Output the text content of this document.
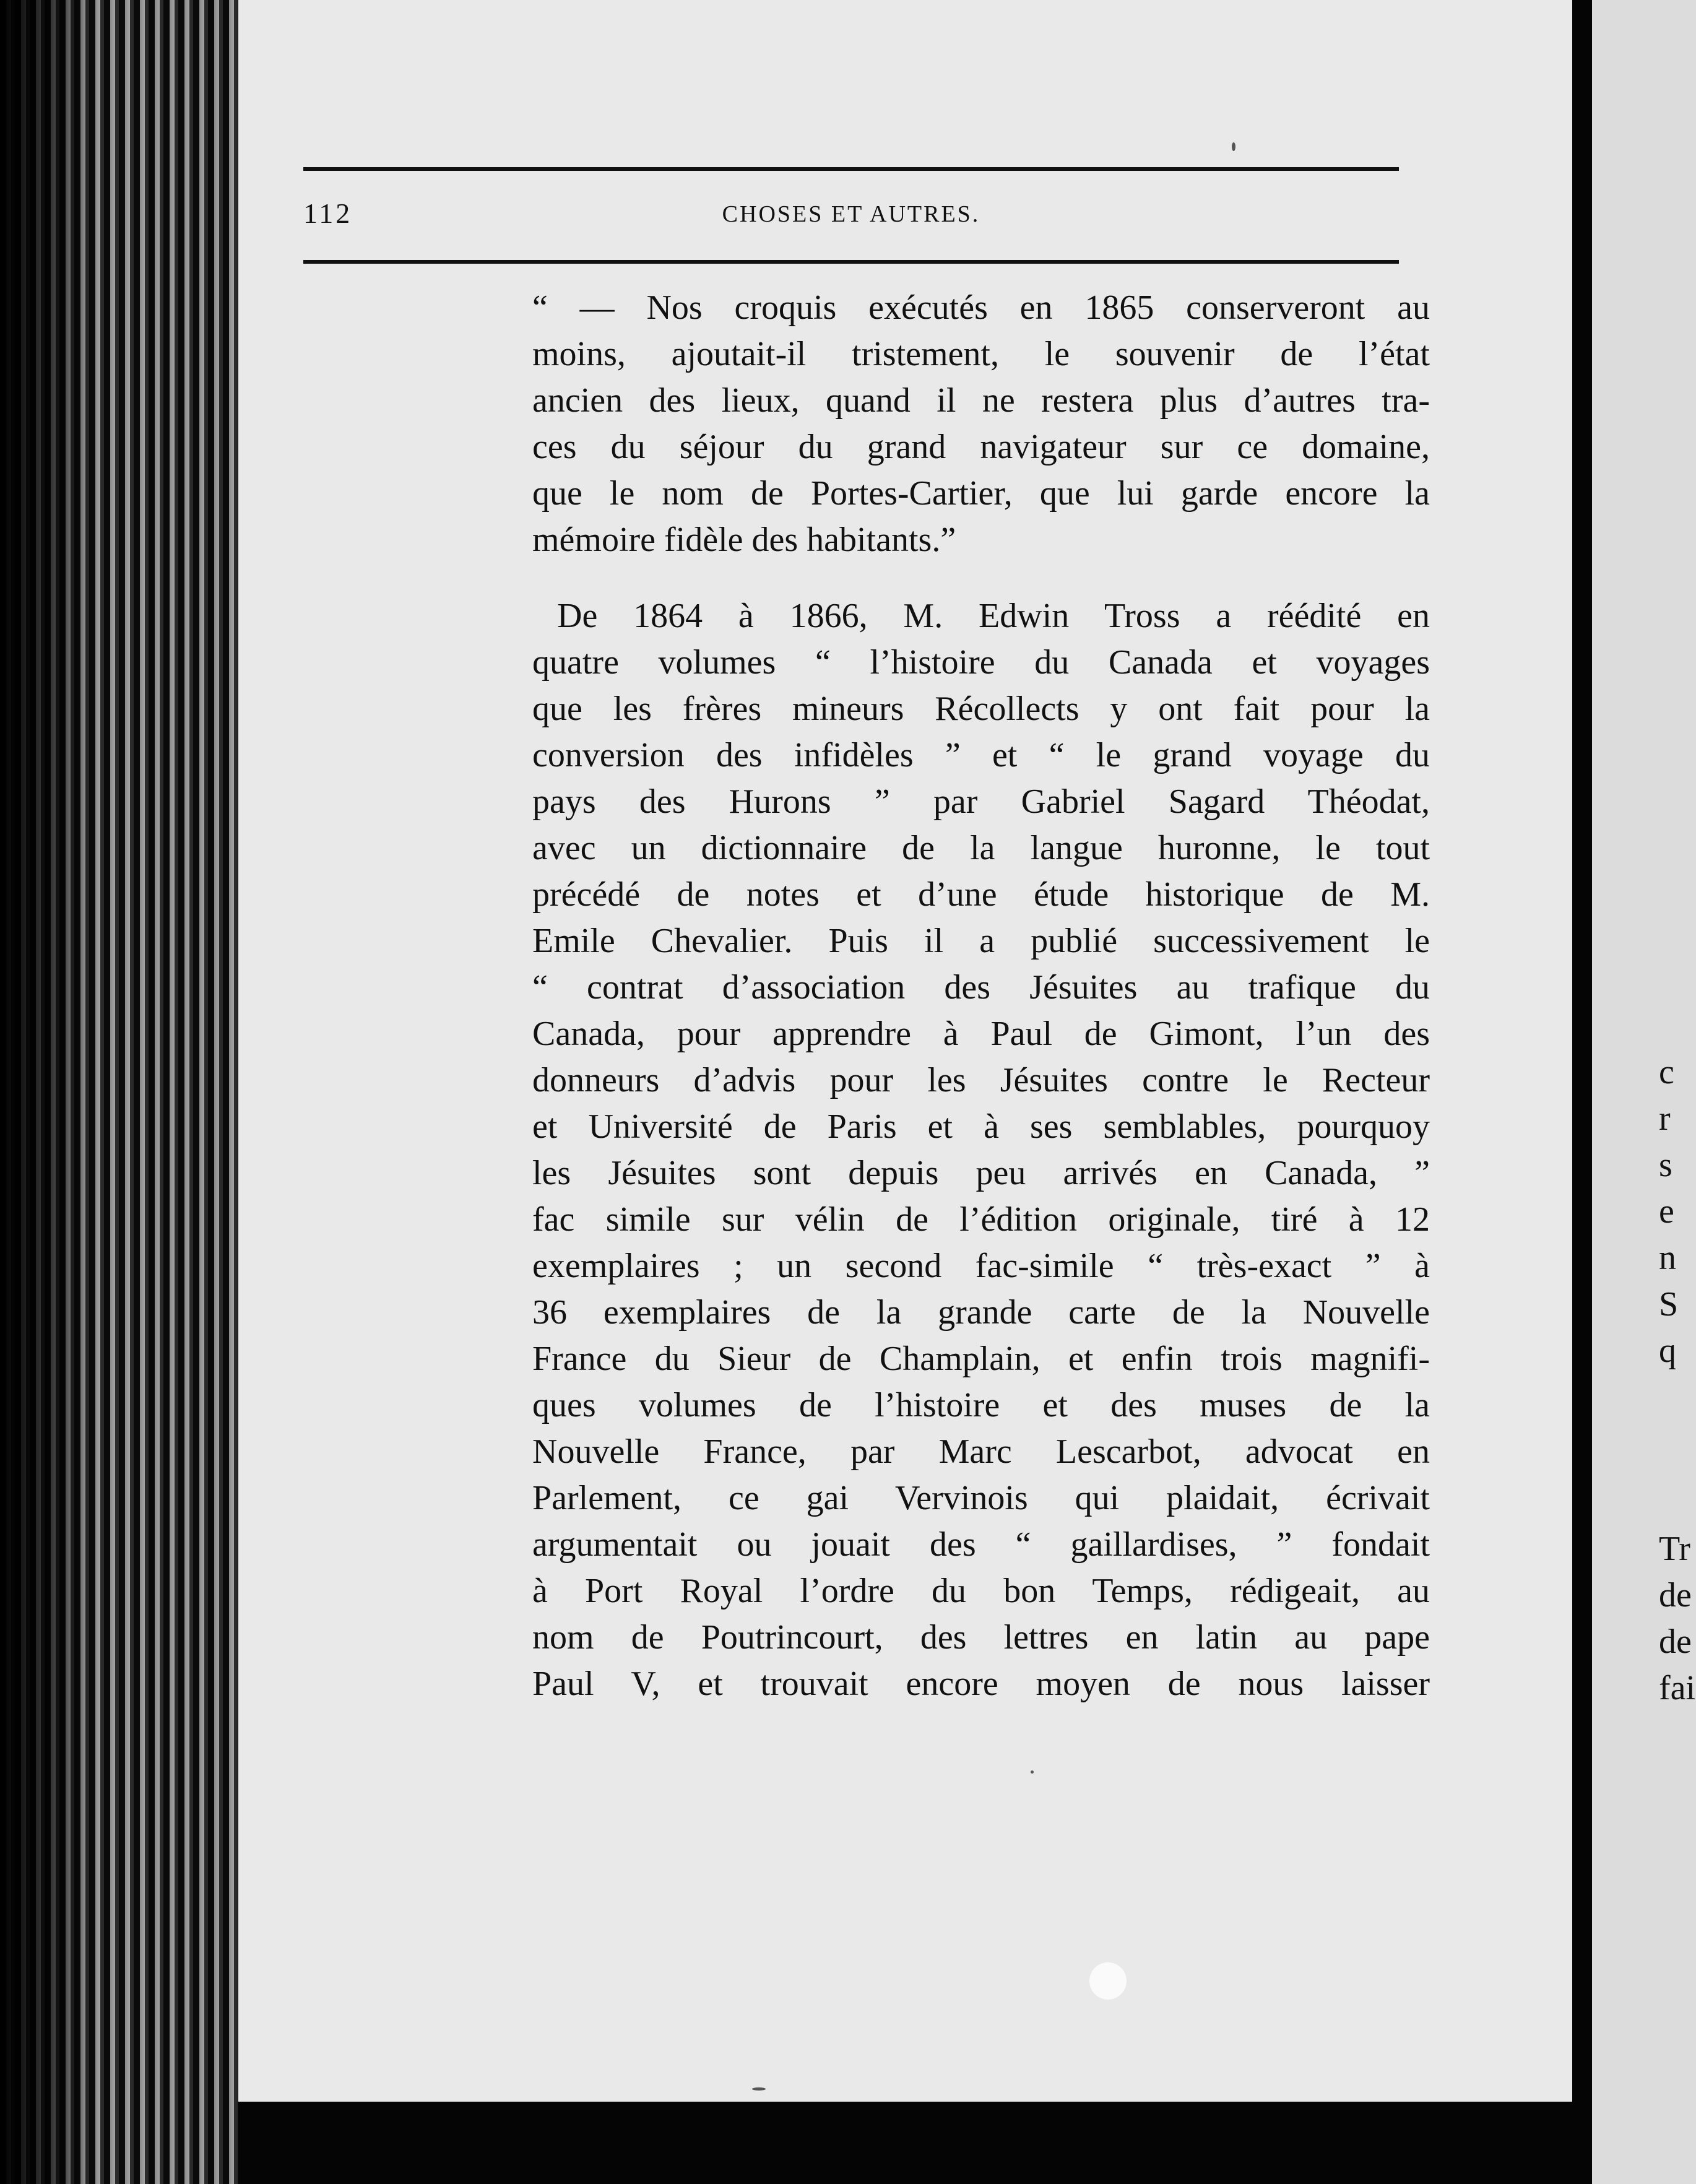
112	CHOSES ET AUTRES.
“ — Nos croquis exécutés en 1865 conserveront au
moins, ajoutait-il tristement, le souvenir de l’état
ancien des lieux, quand il ne restera plus d’autres tra-
ces du séjour du grand navigateur sur ce domaine,
que le nom de Portes-Cartier, que lui garde encore la
mémoire fidèle des habitants.”
De 1864 à 1866, M. Edwin Tross a réédité en
quatre volumes “ l’histoire du Canada et voyages
que les frères mineurs Récollects y ont fait pour la
conversion des infidèles ” et “ le grand voyage du
pays des Hurons ” par Gabriel Sagard Théodat,
avec un dictionnaire de la langue huronne, le tout
précédé de notes et d’une étude historique de M.
Emile Chevalier. Puis il a publié successivement le
“ contrat d’association des Jésuites au trafique du
Canada, pour apprendre à Paul de Gimont, l’un des
donneurs d’advis pour les Jésuites contre le Recteur
et Université de Paris et à ses semblables, pourquoy
les Jésuites sont depuis peu arrivés en Canada, ”
fac simile sur vélin de l’édition originale, tiré à 12
exemplaires ; un second fac-simile “ très-exact ” à
36 exemplaires de la grande carte de la Nouvelle
France du Sieur de Champlain, et enfin trois magnifi-
ques volumes de l’histoire et des muses de la
Nouvelle France, par Marc Lescarbot, advocat en
Parlement, ce gai Vervinois qui plaidait, écrivait
argumentait ou jouait des “ gaillardises, ” fondait
à Port Royal l’ordre du bon Temps, rédigeait, au
nom de Poutrincourt, des lettres en latin au pape
Paul V, et trouvait encore moyen de nous laisser
c
r
s
e
n
S
q
Tr
de
de
fai
